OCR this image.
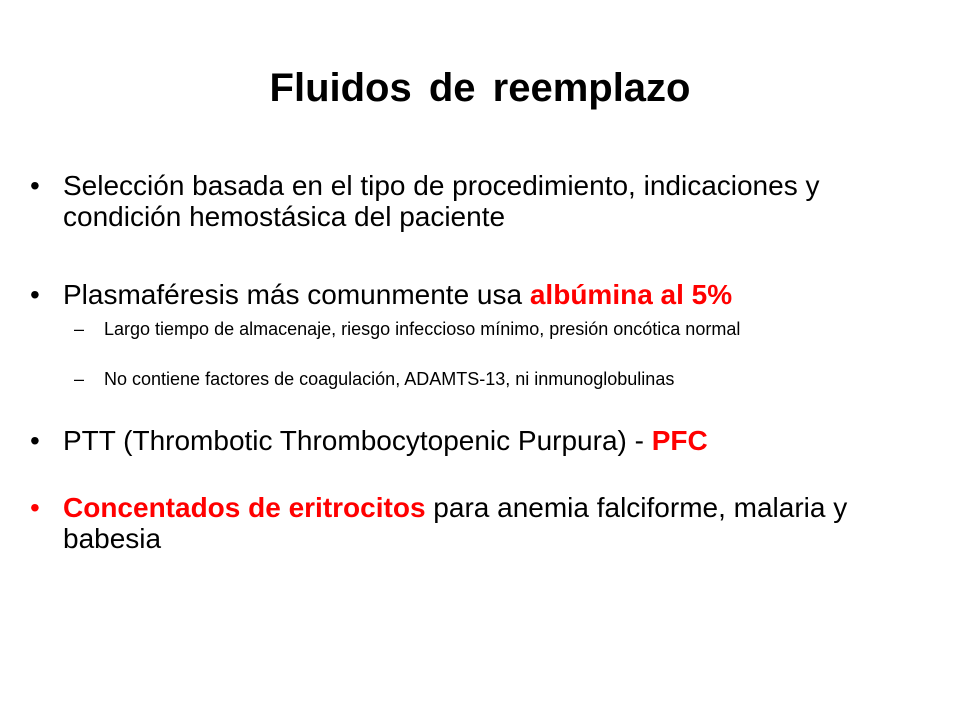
Fluidos de reemplazo
• Selección basada en el tipo de procedimiento, indicaciones y condición hemostásica del paciente
• Plasmaféresis más comunmente usa albúmina al 5%
– Largo tiempo de almacenaje, riesgo infeccioso mínimo, presión oncótica normal
– No contiene factores de coagulación, ADAMTS-13, ni inmunoglobulinas
• PTT (Thrombotic Thrombocytopenic Purpura) - PFC
• Concentados de eritrocitos para anemia falciforme, malaria y babesia
